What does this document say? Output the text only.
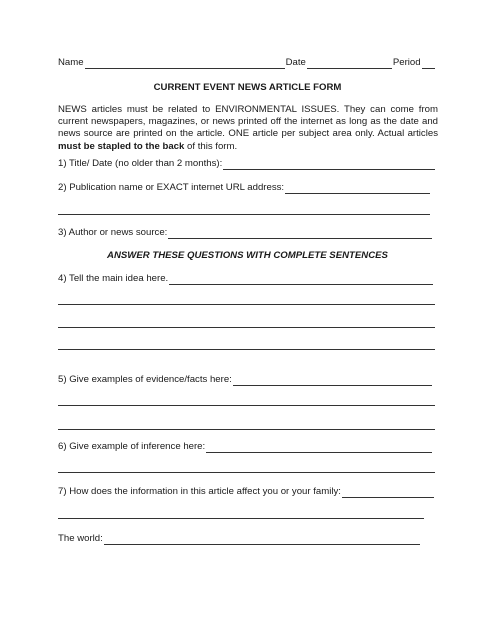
Name	Date	Period
CURRENT EVENT NEWS ARTICLE FORM
NEWS articles must be related to ENVIRONMENTAL ISSUES. They can come from current newspapers, magazines, or news printed off the internet as long as the date and news source are printed on the article. ONE article per subject area only. Actual articles must be stapled to the back of this form.
1) Title/ Date (no older than 2 months):
2) Publication name or EXACT internet URL address:
3) Author or news source:
ANSWER THESE QUESTIONS WITH COMPLETE SENTENCES
4) Tell the main idea here.
5) Give examples of evidence/facts here:
6) Give example of inference here:
7) How does the information in this article affect you or your family:
The world:
